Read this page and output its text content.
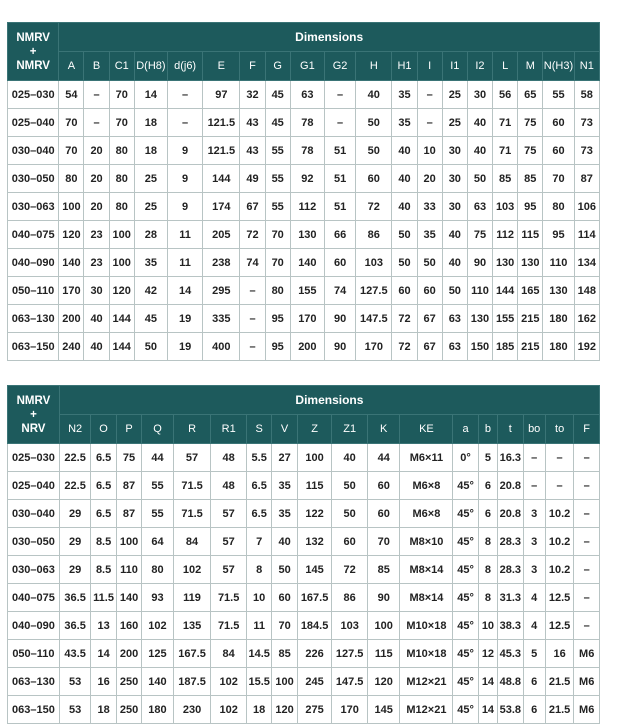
NMRV
+
NMRV	Dimensions																		
	A	B	C1	D(H8)	d(j6)	E	F	G	G1	G2	H	H1	I	I1	I2	L	M	N(H3)	N1
025–030	54	–	70	14	–	97	32	45	63	–	40	35	–	25	30	56	65	55	58
025–040	70	–	70	18	–	121.5	43	45	78	–	50	35	–	25	40	71	75	60	73
030–040	70	20	80	18	9	121.5	43	55	78	51	50	40	10	30	40	71	75	60	73
030–050	80	20	80	25	9	144	49	55	92	51	60	40	20	30	50	85	85	70	87
030–063	100	20	80	25	9	174	67	55	112	51	72	40	33	30	63	103	95	80	106
040–075	120	23	100	28	11	205	72	70	130	66	86	50	35	40	75	112	115	95	114
040–090	140	23	100	35	11	238	74	70	140	60	103	50	50	40	90	130	130	110	134
050–110	170	30	120	42	14	295	–	80	155	74	127.5	60	60	50	110	144	165	130	148
063–130	200	40	144	45	19	335	–	95	170	90	147.5	72	67	63	130	155	215	180	162
063–150	240	40	144	50	19	400	–	95	200	90	170	72	67	63	150	185	215	180	192
NMRV
+
NRV	Dimensions																	
	N2	O	P	Q	R	R1	S	V	Z	Z1	K	KE	a	b	t	bo	to	F
025–030	22.5	6.5	75	44	57	48	5.5	27	100	40	44	M6×11	0°	5	16.3	–	–	–
025–040	22.5	6.5	87	55	71.5	48	6.5	35	115	50	60	M6×8	45°	6	20.8	–	–	–
030–040	29	6.5	87	55	71.5	57	6.5	35	122	50	60	M6×8	45°	6	20.8	3	10.2	–
030–050	29	8.5	100	64	84	57	7	40	132	60	70	M8×10	45°	8	28.3	3	10.2	–
030–063	29	8.5	110	80	102	57	8	50	145	72	85	M8×14	45°	8	28.3	3	10.2	–
040–075	36.5	11.5	140	93	119	71.5	10	60	167.5	86	90	M8×14	45°	8	31.3	4	12.5	–
040–090	36.5	13	160	102	135	71.5	11	70	184.5	103	100	M10×18	45°	10	38.3	4	12.5	–
050–110	43.5	14	200	125	167.5	84	14.5	85	226	127.5	115	M10×18	45°	12	45.3	5	16	M6
063–130	53	16	250	140	187.5	102	15.5	100	245	147.5	120	M12×21	45°	14	48.8	6	21.5	M6
063–150	53	18	250	180	230	102	18	120	275	170	145	M12×21	45°	14	53.8	6	21.5	M6
